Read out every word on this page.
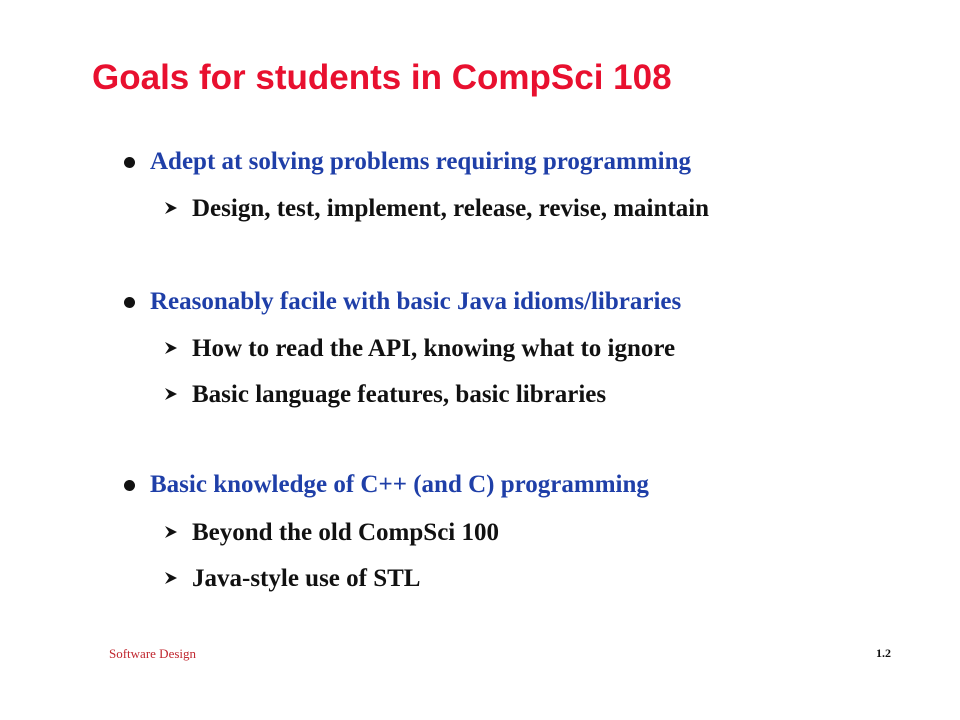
Goals for students in CompSci 108
Adept at solving problems requiring programming
Design, test, implement, release, revise, maintain
Reasonably facile with basic Java idioms/libraries
How to read the API, knowing what to ignore
Basic language features, basic libraries
Basic knowledge of C++ (and C) programming
Beyond the old CompSci 100
Java-style use of STL
Software Design	1.2
